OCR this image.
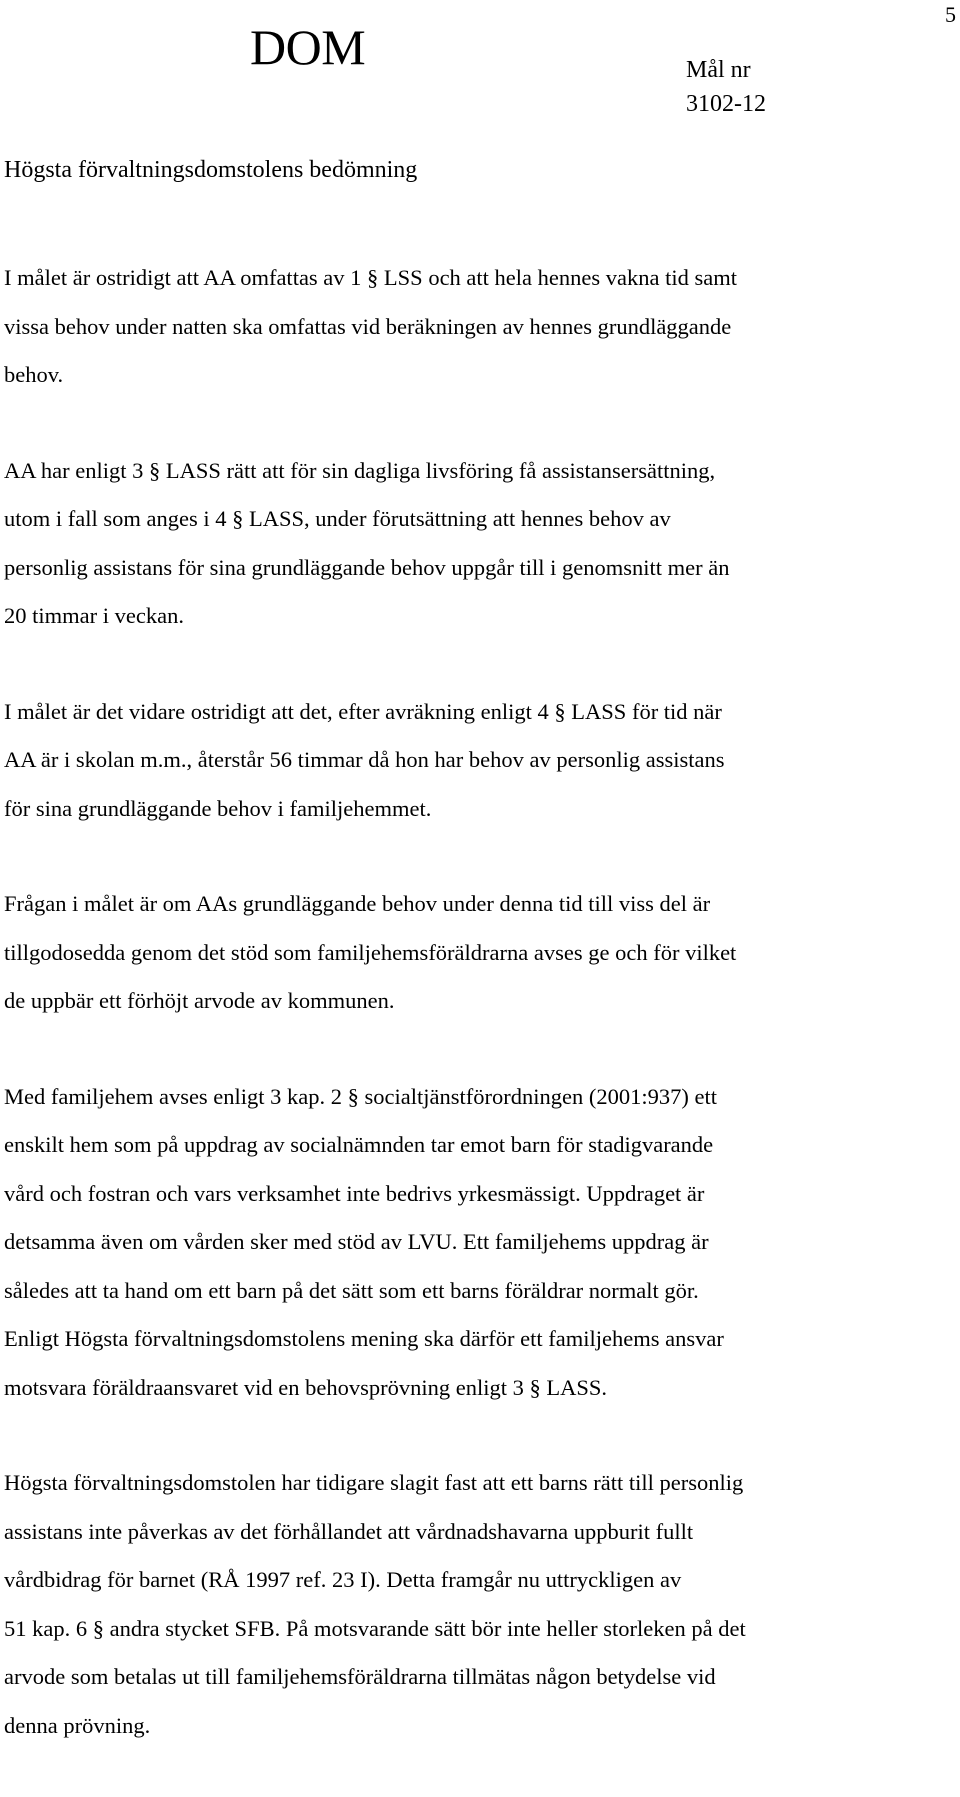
DOM
5
Mål nr
3102-12
Högsta förvaltningsdomstolens bedömning

I målet är ostridigt att AA omfattas av 1 § LSS och att hela hennes vakna tid samt
vissa behov under natten ska omfattas vid beräkningen av hennes grundläggande
behov.

AA har enligt 3 § LASS rätt att för sin dagliga livsföring få assistansersättning,
utom i fall som anges i 4 § LASS, under förutsättning att hennes behov av
personlig assistans för sina grundläggande behov uppgår till i genomsnitt mer än
20 timmar i veckan.

I målet är det vidare ostridigt att det, efter avräkning enligt 4 § LASS för tid när
AA är i skolan m.m., återstår 56 timmar då hon har behov av personlig assistans
för sina grundläggande behov i familjehemmet.

Frågan i målet är om AAs grundläggande behov under denna tid till viss del är
tillgodosedda genom det stöd som familjehemsföräldrarna avses ge och för vilket
de uppbär ett förhöjt arvode av kommunen.

Med familjehem avses enligt 3 kap. 2 § socialtjänstförordningen (2001:937) ett
enskilt hem som på uppdrag av socialnämnden tar emot barn för stadigvarande
vård och fostran och vars verksamhet inte bedrivs yrkesmässigt. Uppdraget är
detsamma även om vården sker med stöd av LVU. Ett familjehems uppdrag är
således att ta hand om ett barn på det sätt som ett barns föräldrar normalt gör.
Enligt Högsta förvaltningsdomstolens mening ska därför ett familjehems ansvar
motsvara föräldraansvaret vid en behovsprövning enligt 3 § LASS.

Högsta förvaltningsdomstolen har tidigare slagit fast att ett barns rätt till personlig
assistans inte påverkas av det förhållandet att vårdnadshavarna uppburit fullt
vårdbidrag för barnet (RÅ 1997 ref. 23 I). Detta framgår nu uttryckligen av
51 kap. 6 § andra stycket SFB. På motsvarande sätt bör inte heller storleken på det
arvode som betalas ut till familjehemsföräldrarna tillmätas någon betydelse vid
denna prövning.
